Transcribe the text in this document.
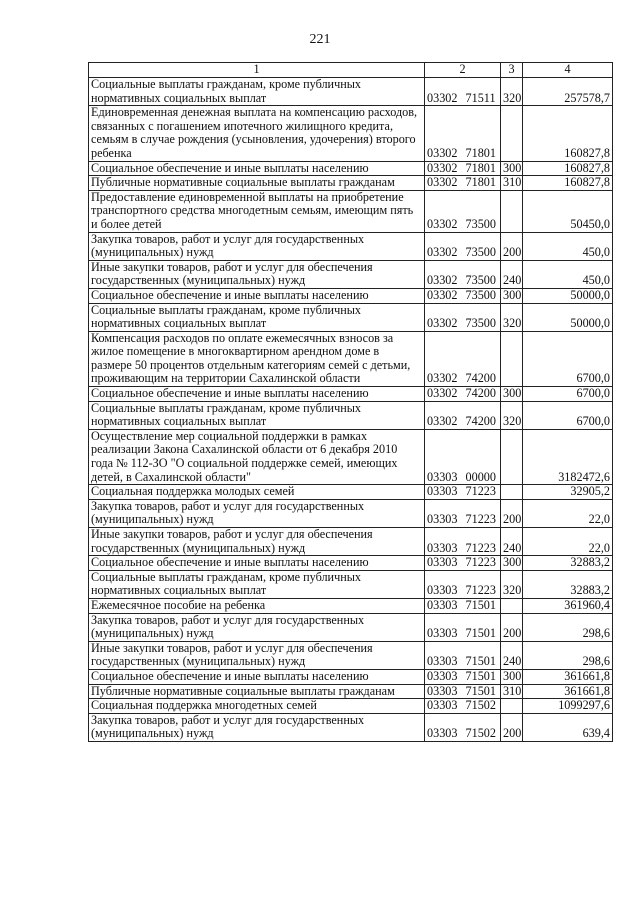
221
1	2	3	4
Социальные выплаты гражданам, кроме публичных нормативных социальных выплат	03302 71511	320	257578,7
Единовременная денежная выплата на компенсацию расходов, связанных с погашением ипотечного жилищного кредита, семьям в случае рождения (усыновления, удочерения) второго ребенка	03302 71801		160827,8
Социальное обеспечение и иные выплаты населению	03302 71801	300	160827,8
Публичные нормативные социальные выплаты гражданам	03302 71801	310	160827,8
Предоставление единовременной выплаты на приобретение транспортного средства многодетным семьям, имеющим пять и более детей	03302 73500		50450,0
Закупка товаров, работ и услуг для государственных (муниципальных) нужд	03302 73500	200	450,0
Иные закупки товаров, работ и услуг для обеспечения государственных (муниципальных) нужд	03302 73500	240	450,0
Социальное обеспечение и иные выплаты населению	03302 73500	300	50000,0
Социальные выплаты гражданам, кроме публичных нормативных социальных выплат	03302 73500	320	50000,0
Компенсация расходов по оплате ежемесячных взносов за жилое помещение в многоквартирном арендном доме в размере 50 процентов отдельным категориям семей с детьми, проживающим на территории Сахалинской области	03302 74200		6700,0
Социальное обеспечение и иные выплаты населению	03302 74200	300	6700,0
Социальные выплаты гражданам, кроме публичных нормативных социальных выплат	03302 74200	320	6700,0
Осуществление мер социальной поддержки в рамках реализации Закона Сахалинской области от 6 декабря 2010 года № 112-ЗО "О социальной поддержке семей, имеющих детей, в Сахалинской области"	03303 00000		3182472,6
Социальная поддержка молодых семей	03303 71223		32905,2
Закупка товаров, работ и услуг для государственных (муниципальных) нужд	03303 71223	200	22,0
Иные закупки товаров, работ и услуг для обеспечения государственных (муниципальных) нужд	03303 71223	240	22,0
Социальное обеспечение и иные выплаты населению	03303 71223	300	32883,2
Социальные выплаты гражданам, кроме публичных нормативных социальных выплат	03303 71223	320	32883,2
Ежемесячное пособие на ребенка	03303 71501		361960,4
Закупка товаров, работ и услуг для государственных (муниципальных) нужд	03303 71501	200	298,6
Иные закупки товаров, работ и услуг для обеспечения государственных (муниципальных) нужд	03303 71501	240	298,6
Социальное обеспечение и иные выплаты населению	03303 71501	300	361661,8
Публичные нормативные социальные выплаты гражданам	03303 71501	310	361661,8
Социальная поддержка многодетных семей	03303 71502		1099297,6
Закупка товаров, работ и услуг для государственных (муниципальных) нужд	03303 71502	200	639,4
